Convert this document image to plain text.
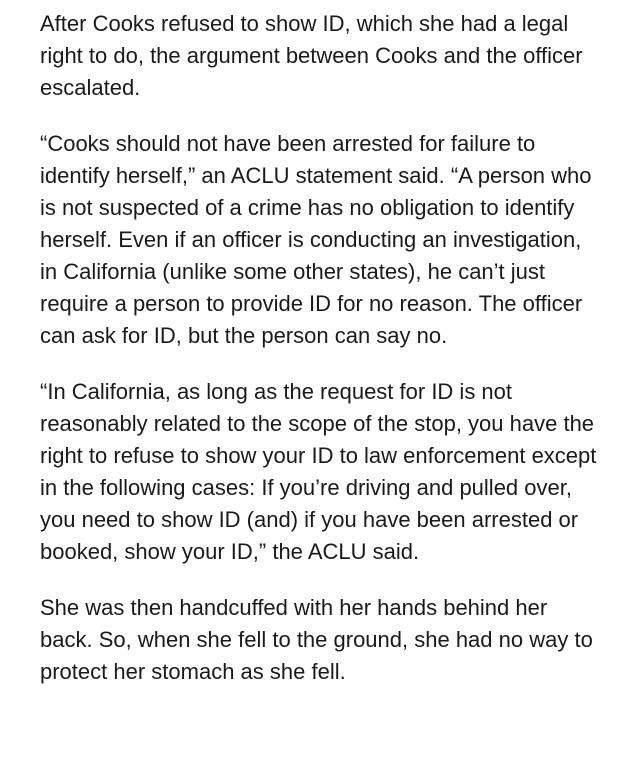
After Cooks refused to show ID, which she had a legal right to do, the argument between Cooks and the officer escalated.

“Cooks should not have been arrested for failure to identify herself,” an ACLU statement said. “A person who is not suspected of a crime has no obligation to identify herself. Even if an officer is conducting an investigation, in California (unlike some other states), he can’t just require a person to provide ID for no reason. The officer can ask for ID, but the person can say no.

“In California, as long as the request for ID is not reasonably related to the scope of the stop, you have the right to refuse to show your ID to law enforcement except in the following cases: If you’re driving and pulled over, you need to show ID (and) if you have been arrested or booked, show your ID,” the ACLU said.

She was then handcuffed with her hands behind her back. So, when she fell to the ground, she had no way to protect her stomach as she fell.
